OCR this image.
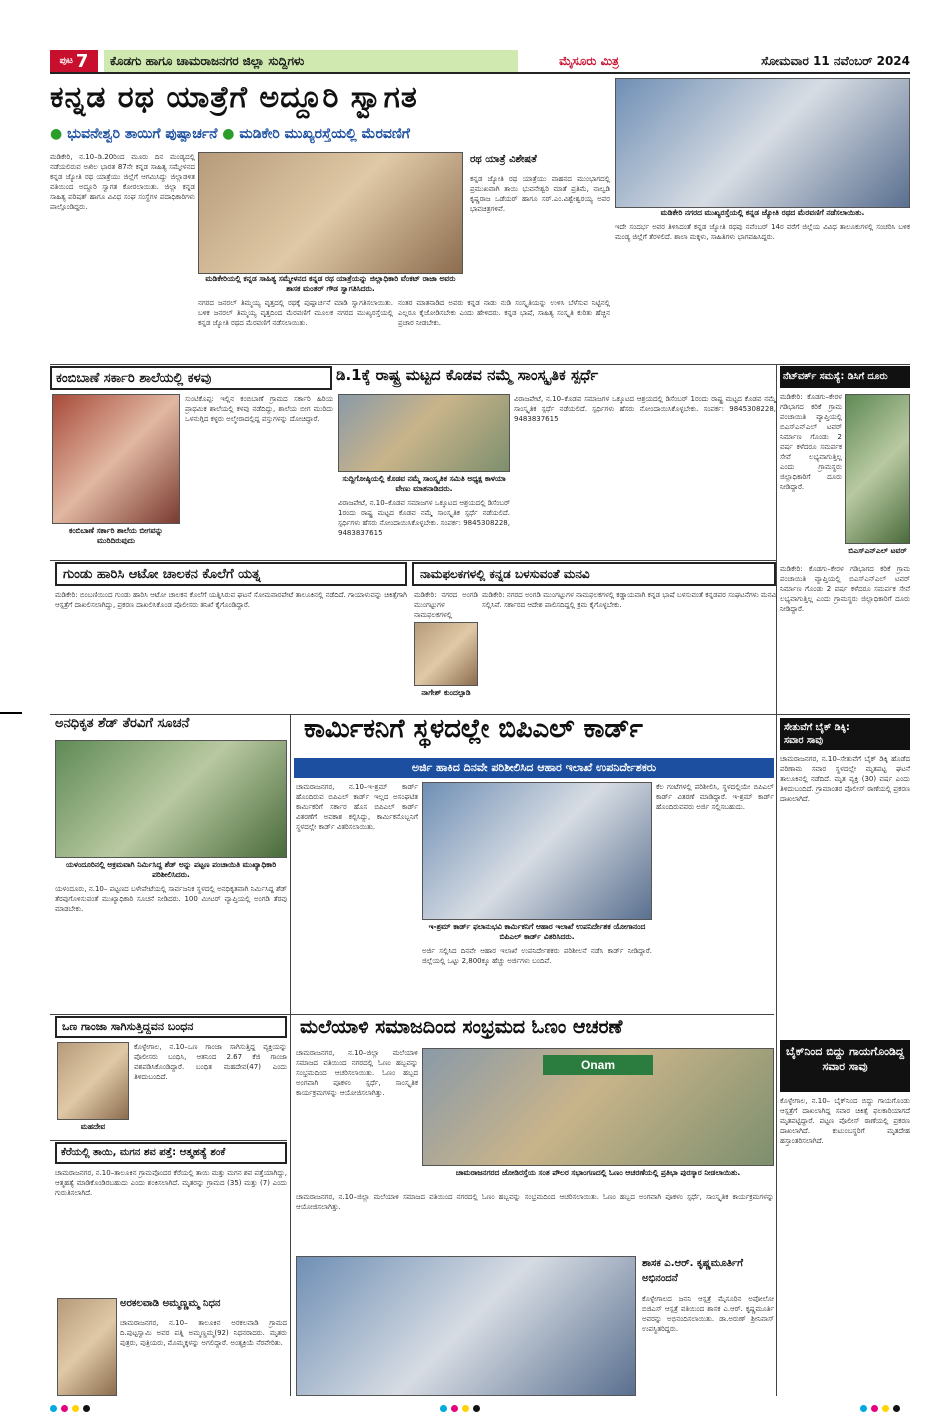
ಪುಟ 7	ಕೊಡಗು ಹಾಗೂ ಚಾಮರಾಜನಗರ ಜಿಲ್ಲಾ ಸುದ್ದಿಗಳು	ಮೈಸೂರು ಮಿತ್ರ	ಸೋಮವಾರ 11 ನವೆಂಬರ್ 2024
ಕನ್ನಡ ರಥ ಯಾತ್ರೆಗೆ ಅದ್ದೂರಿ ಸ್ವಾಗತ
● ಭುವನೇಶ್ವರಿ ತಾಯಿಗೆ ಪುಷ್ಪಾರ್ಚನೆ ● ಮಡಿಕೇರಿ ಮುಖ್ಯರಸ್ತೆಯಲ್ಲಿ ಮೆರವಣಿಗೆ
ಮಡಿಕೇರಿ ನಗರದ ಮುಖ್ಯರಸ್ತೆಯಲ್ಲಿ ಕನ್ನಡ ಜ್ಯೋತಿ ರಥದ ಮೆರವಣಿಗೆ ನಡೆಸಲಾಯಿತು.
ಮಡಿಕೇರಿ, ನ.10–ಡಿ.20ರಿಂದ ಮೂರು ದಿನ ಮಂಡ್ಯದಲ್ಲಿ ನಡೆಯಲಿರುವ ಅಖಿಲ ಭಾರತ 87ನೇ ಕನ್ನಡ ಸಾಹಿತ್ಯ ಸಮ್ಮೇಳನದ ಕನ್ನಡ ಜ್ಯೋತಿ ರಥ ಯಾತ್ರೆಯು ಜಿಲ್ಲೆಗೆ ಆಗಮಿಸಿದ್ದು ಜಿಲ್ಲಾಡಳಿತ ವತಿಯಿಂದ ಅದ್ದೂರಿ ಸ್ವಾಗತ ಕೋರಲಾಯಿತು. ಜಿಲ್ಲಾ ಕನ್ನಡ ಸಾಹಿತ್ಯ ಪರಿಷತ್ ಹಾಗೂ ವಿವಿಧ ಸಂಘ ಸಂಸ್ಥೆಗಳ ಪದಾಧಿಕಾರಿಗಳು ಪಾಲ್ಗೊಂಡಿದ್ದರು.
ಮಡಿಕೇರಿಯಲ್ಲಿ ಕನ್ನಡ ಸಾಹಿತ್ಯ ಸಮ್ಮೇಳನದ ಕನ್ನಡ ರಥ ಯಾತ್ರೆಯನ್ನು ಜಿಲ್ಲಾಧಿಕಾರಿ ವೆಂಕಟ್ ರಾಜಾ ಅವರು ಶಾಸಕ ಮಂತರ್ ಗೌಡ ಸ್ವಾಗತಿಸಿದರು.
ರಥ ಯಾತ್ರೆ ವಿಶೇಷತೆ
ಕನ್ನಡ ಜ್ಯೋತಿ ರಥ ಯಾತ್ರೆಯು ವಾಹನದ ಮುಂಭಾಗದಲ್ಲಿ ಪ್ರಮುಖವಾಗಿ ತಾಯಿ ಭುವನೇಶ್ವರಿ ಮಾತೆ ಪ್ರತಿಮೆ, ನಾಲ್ವಡಿ ಕೃಷ್ಣರಾಜ ಒಡೆಯರ್ ಹಾಗೂ ಸರ್.ಎಂ.ವಿಶ್ವೇಶ್ವರಯ್ಯ ಅವರ ಭಾವಚಿತ್ರಗಳಿವೆ.
ನಗರದ ಜನರಲ್ ತಿಮ್ಮಯ್ಯ ವೃತ್ತದಲ್ಲಿ ರಥಕ್ಕೆ ಪುಷ್ಪಾರ್ಚನೆ ಮಾಡಿ ಸ್ವಾಗತಿಸಲಾಯಿತು. ಬಳಿಕ ಜನರಲ್ ತಿಮ್ಮಯ್ಯ ವೃತ್ತದಿಂದ ಮೆರವಣಿಗೆ ಮೂಲಕ ನಗರದ ಮುಖ್ಯರಸ್ತೆಯಲ್ಲಿ ಕನ್ನಡ ಜ್ಯೋತಿ ರಥದ ಮೆರವಣಿಗೆ ನಡೆಸಲಾಯಿತು.
ನಂತರ ಮಾತನಾಡಿದ ಅವರು ಕನ್ನಡ ನಾಡು ನುಡಿ ಸಂಸ್ಕೃತಿಯನ್ನು ಉಳಿಸಿ ಬೆಳೆಸುವ ನಿಟ್ಟಿನಲ್ಲಿ ಎಲ್ಲರೂ ಕೈಜೋಡಿಸಬೇಕು ಎಂದು ಹೇಳಿದರು. ಕನ್ನಡ ಭಾಷೆ, ಸಾಹಿತ್ಯ ಸಂಸ್ಕೃತಿ ಕುರಿತು ಹೆಚ್ಚಿನ ಪ್ರಚಾರ ನೀಡಬೇಕು.
ಇದೇ ಸಂದರ್ಭ ಅವರ ತಿಳಿಸಿದಂತೆ ಕನ್ನಡ ಜ್ಯೋತಿ ರಥವು ನವೆಂಬರ್ 14ರ ವರೆಗೆ ಜಿಲ್ಲೆಯ ವಿವಿಧ ತಾಲೂಕುಗಳಲ್ಲಿ ಸಂಚರಿಸಿ ಬಳಿಕ ಮಂಡ್ಯ ಜಿಲ್ಲೆಗೆ ತೆರಳಲಿದೆ. ಶಾಲಾ ಮಕ್ಕಳು, ಸಾಹಿತಿಗಳು ಭಾಗವಹಿಸಿದ್ದರು.
ಕಂಬಿಬಾಣೆ ಸರ್ಕಾರಿ ಶಾಲೆಯಲ್ಲಿ ಕಳವು
ಕಂಬಿಬಾಣೆ ಸರ್ಕಾರಿ ಶಾಲೆಯ ಬೀಗವನ್ನು ಮುರಿದಿರುವುದು
ಸುಂಟಿಕೊಪ್ಪ: ಇಲ್ಲಿನ ಕಂಬಿಬಾಣೆ ಗ್ರಾಮದ ಸರ್ಕಾರಿ ಹಿರಿಯ ಪ್ರಾಥಮಿಕ ಶಾಲೆಯಲ್ಲಿ ಕಳವು ನಡೆದಿದ್ದು, ಶಾಲೆಯ ಬೀಗ ಮುರಿದು ಒಳನುಗ್ಗಿದ ಕಳ್ಳರು ಅಲ್ಮೇರಾದಲ್ಲಿದ್ದ ವಸ್ತುಗಳನ್ನು ದೋಚಿದ್ದಾರೆ.
ಡಿ.1ಕ್ಕೆ ರಾಷ್ಟ್ರ ಮಟ್ಟದ ಕೊಡವ ನಮ್ಮೆ ಸಾಂಸ್ಕೃತಿಕ ಸ್ಪರ್ಧೆ
ಸುದ್ದಿಗೋಷ್ಠಿಯಲ್ಲಿ ಕೊಡವ ನಮ್ಮೆ ಸಾಂಸ್ಕೃತಿಕ ಸಮಿತಿ ಅಧ್ಯಕ್ಷ ಕಾಳಯಾ ವೇಣು ಮಾತನಾಡಿದರು.
ವಿರಾಜಪೇಟೆ, ನ.10–ಕೊಡವ ಸಮಾಜಗಳ ಒಕ್ಕೂಟದ ಆಶ್ರಯದಲ್ಲಿ ಡಿಸೆಂಬರ್ 1ರಂದು ರಾಷ್ಟ್ರ ಮಟ್ಟದ ಕೊಡವ ನಮ್ಮೆ ಸಾಂಸ್ಕೃತಿಕ ಸ್ಪರ್ಧೆ ನಡೆಯಲಿದೆ. ಸ್ಪರ್ಧಿಗಳು ಹೆಸರು ನೋಂದಾಯಿಸಿಕೊಳ್ಳಬೇಕು. ಸಂಪರ್ಕ: 9845308228, 9483837615
ವಿರಾಜಪೇಟೆ, ನ.10–ಕೊಡವ ಸಮಾಜಗಳ ಒಕ್ಕೂಟದ ಆಶ್ರಯದಲ್ಲಿ ಡಿಸೆಂಬರ್ 1ರಂದು ರಾಷ್ಟ್ರ ಮಟ್ಟದ ಕೊಡವ ನಮ್ಮೆ ಸಾಂಸ್ಕೃತಿಕ ಸ್ಪರ್ಧೆ ನಡೆಯಲಿದೆ. ಸ್ಪರ್ಧಿಗಳು ಹೆಸರು ನೋಂದಾಯಿಸಿಕೊಳ್ಳಬೇಕು. ಸಂಪರ್ಕ: 9845308228, 9483837615
ನೆಟ್‌ವರ್ಕ್ ಸಮಸ್ಯೆ: ಡಿಸಿಗೆ ದೂರು
ಮಡಿಕೇರಿ: ಕೊಡಗು–ಕೇರಳ ಗಡಿಭಾಗದ ಕರಿಕೆ ಗ್ರಾಮ ಪಂಚಾಯಿತಿ ವ್ಯಾಪ್ತಿಯಲ್ಲಿ ಬಿಎಸ್‌ಎನ್‌ಎಲ್ ಟವರ್ ನಿರ್ಮಾಣ ಗೊಂಡು 2 ವರ್ಷ ಕಳೆದರೂ ಸಮರ್ಪಕ ಸೇವೆ ಲಭ್ಯವಾಗುತ್ತಿಲ್ಲ ಎಂದು ಗ್ರಾಮಸ್ಥರು ಜಿಲ್ಲಾಧಿಕಾರಿಗೆ ದೂರು ನೀಡಿದ್ದಾರೆ.
ಬಿಎಸ್‌ಎನ್‌ಎಲ್ ಟವರ್
ಮಡಿಕೇರಿ: ಕೊಡಗು–ಕೇರಳ ಗಡಿಭಾಗದ ಕರಿಕೆ ಗ್ರಾಮ ಪಂಚಾಯಿತಿ ವ್ಯಾಪ್ತಿಯಲ್ಲಿ ಬಿಎಸ್‌ಎನ್‌ಎಲ್ ಟವರ್ ನಿರ್ಮಾಣ ಗೊಂಡು 2 ವರ್ಷ ಕಳೆದರೂ ಸಮರ್ಪಕ ಸೇವೆ ಲಭ್ಯವಾಗುತ್ತಿಲ್ಲ ಎಂದು ಗ್ರಾಮಸ್ಥರು ಜಿಲ್ಲಾಧಿಕಾರಿಗೆ ದೂರು ನೀಡಿದ್ದಾರೆ.
ಗುಂಡು ಹಾರಿಸಿ ಆಟೋ ಚಾಲಕನ ಕೊಲೆಗೆ ಯತ್ನ
ಮಡಿಕೇರಿ: ಬಿಂಬಣಿಯಿಂದ ಗುಂಡು ಹಾರಿಸಿ ಆಟೋ ಚಾಲಕನ ಕೊಲೆಗೆ ಯತ್ನಿಸಿರುವ ಘಟನೆ ಸೋಮವಾರಪೇಟೆ ತಾಲೂಕಿನಲ್ಲಿ ನಡೆದಿದೆ. ಗಾಯಾಳುವನ್ನು ಚಿಕಿತ್ಸೆಗಾಗಿ ಆಸ್ಪತ್ರೆಗೆ ದಾಖಲಿಸಲಾಗಿದ್ದು, ಪ್ರಕರಣ ದಾಖಲಿಸಿಕೊಂಡ ಪೊಲೀಸರು ತನಿಖೆ ಕೈಗೊಂಡಿದ್ದಾರೆ.
ನಾಮಫಲಕಗಳಲ್ಲಿ ಕನ್ನಡ ಬಳಸುವಂತೆ ಮನವಿ
ಮಡಿಕೇರಿ: ನಗರದ ಅಂಗಡಿ ಮುಂಗಟ್ಟುಗಳ ನಾಮಫಲಕಗಳಲ್ಲಿ
ನಾಗೇಶ್ ಕುಂದಲ್ಪಾಡಿ
ಮಡಿಕೇರಿ: ನಗರದ ಅಂಗಡಿ ಮುಂಗಟ್ಟುಗಳ ನಾಮಫಲಕಗಳಲ್ಲಿ ಕಡ್ಡಾಯವಾಗಿ ಕನ್ನಡ ಭಾಷೆ ಬಳಸುವಂತೆ ಕನ್ನಡಪರ ಸಂಘಟನೆಗಳು ಮನವಿ ಸಲ್ಲಿಸಿವೆ. ಸರ್ಕಾರದ ಆದೇಶ ಪಾಲಿಸದಿದ್ದಲ್ಲಿ ಕ್ರಮ ಕೈಗೊಳ್ಳಬೇಕು.
ಅನಧಿಕೃತ ಶೆಡ್ ತೆರವಿಗೆ ಸೂಚನೆ
ಯಳಂದೂರಿನಲ್ಲಿ ಅಕ್ರಮವಾಗಿ ನಿರ್ಮಿಸಿದ್ದ ಶೆಡ್ ಅನ್ನು ಪಟ್ಟಣ ಪಂಚಾಯಿತಿ ಮುಖ್ಯಾಧಿಕಾರಿ ಪರಿಶೀಲಿಸಿದರು.
ಯಳಂದೂರು, ನ.10– ಪಟ್ಟಣದ ಬಳೇಪೇಟೆಯಲ್ಲಿ ಸಾರ್ವಜನಿಕ ಸ್ಥಳದಲ್ಲಿ ಅನಧಿಕೃತವಾಗಿ ನಿರ್ಮಿಸಿದ್ದ ಶೆಡ್ ತೆರವುಗೊಳಿಸುವಂತೆ ಮುಖ್ಯಾಧಿಕಾರಿ ಸೂಚನೆ ನೀಡಿದರು. 100 ಮೀಟರ್ ವ್ಯಾಪ್ತಿಯಲ್ಲಿ ಅಂಗಡಿ ತೆರವು ಮಾಡಬೇಕು.
ಕಾರ್ಮಿಕನಿಗೆ ಸ್ಥಳದಲ್ಲೇ ಬಿಪಿಎಲ್ ಕಾರ್ಡ್
ಅರ್ಜಿ ಹಾಕಿದ ದಿನವೇ ಪರಿಶೀಲಿಸಿದ ಆಹಾರ ಇಲಾಖೆ ಉಪನಿರ್ದೇಶಕರು
ಚಾಮರಾಜನಗರ, ನ.10–ಇ-ಶ್ರಮ್ ಕಾರ್ಡ್ ಹೊಂದಿರುವ ಬಿಪಿಎಲ್ ಕಾರ್ಡ್ ಇಲ್ಲದ ಅಸಂಘಟಿತ ಕಾರ್ಮಿಕರಿಗೆ ಸರ್ಕಾರ ಹೊಸ ಬಿಪಿಎಲ್ ಕಾರ್ಡ್ ವಿತರಣೆಗೆ ಅವಕಾಶ ಕಲ್ಪಿಸಿದ್ದು, ಕಾರ್ಮಿಕನೊಬ್ಬನಿಗೆ ಸ್ಥಳದಲ್ಲೇ ಕಾರ್ಡ್ ವಿತರಿಸಲಾಯಿತು.
ಇ-ಶ್ರಮ್ ಕಾರ್ಡ್ ಫಲಾನುಭವಿ ಕಾರ್ಮಿಕನಿಗೆ ಆಹಾರ ಇಲಾಖೆ ಉಪನಿರ್ದೇಶಕ ಯೋಗಾನಂದ ಬಿಪಿಎಲ್ ಕಾರ್ಡ್ ವಿತರಿಸಿದರು.
ಅರ್ಜಿ ಸಲ್ಲಿಸಿದ ದಿನವೇ ಆಹಾರ ಇಲಾಖೆ ಉಪನಿರ್ದೇಶಕರು ಪರಿಶೀಲನೆ ನಡೆಸಿ ಕಾರ್ಡ್ ನೀಡಿದ್ದಾರೆ. ಜಿಲ್ಲೆಯಲ್ಲಿ ಒಟ್ಟು 2,800ಕ್ಕೂ ಹೆಚ್ಚು ಅರ್ಜಿಗಳು ಬಂದಿವೆ.
ಕೆಲ ಗಂಟೆಗಳಲ್ಲಿ ಪರಿಶೀಲಿಸಿ, ಸ್ಥಳದಲ್ಲಿಯೇ ಬಿಪಿಎಲ್ ಕಾರ್ಡ್ ವಿತರಣೆ ಮಾಡಿದ್ದಾರೆ. ಇ-ಶ್ರಮ್ ಕಾರ್ಡ್ ಹೊಂದಿರುವವರು ಅರ್ಜಿ ಸಲ್ಲಿಸಬಹುದು.
ಸೇತುವೆಗೆ ಬೈಕ್ ಡಿಕ್ಕಿ:
ಸವಾರ ಸಾವು
ಚಾಮರಾಜನಗರ, ನ.10–ಸೇತುವೆಗೆ ಬೈಕ್ ಡಿಕ್ಕಿ ಹೊಡೆದ ಪರಿಣಾಮ ಸವಾರ ಸ್ಥಳದಲ್ಲೇ ಮೃತಪಟ್ಟ ಘಟನೆ ತಾಲೂಕಿನಲ್ಲಿ ನಡೆದಿದೆ. ಮೃತ ವ್ಯಕ್ತಿ (30) ವರ್ಷ ಎಂದು ತಿಳಿದುಬಂದಿದೆ. ಗ್ರಾಮಾಂತರ ಪೊಲೀಸ್ ಠಾಣೆಯಲ್ಲಿ ಪ್ರಕರಣ ದಾಖಲಾಗಿದೆ.
ಒಣ ಗಾಂಜಾ ಸಾಗಿಸುತ್ತಿದ್ದವನ ಬಂಧನ
ಮಹದೇವ
ಕೊಳ್ಳೇಗಾಲ, ನ.10–ಒಣ ಗಾಂಜಾ ಸಾಗಿಸುತ್ತಿದ್ದ ವ್ಯಕ್ತಿಯನ್ನು ಪೊಲೀಸರು ಬಂಧಿಸಿ, ಆತನಿಂದ 2.67 ಕೆಜಿ ಗಾಂಜಾ ವಶಪಡಿಸಿಕೊಂಡಿದ್ದಾರೆ. ಬಂಧಿತ ಮಹದೇವ(47) ಎಂದು ತಿಳಿದುಬಂದಿದೆ.
ಮಲೆಯಾಳಿ ಸಮಾಜದಿಂದ ಸಂಭ್ರಮದ ಓಣಂ ಆಚರಣೆ
ಚಾಮರಾಜನಗರ, ನ.10–ಜಿಲ್ಲಾ ಮಲೆಯಾಳಿ ಸಮಾಜದ ವತಿಯಿಂದ ನಗರದಲ್ಲಿ ಓಣಂ ಹಬ್ಬವನ್ನು ಸಂಭ್ರಮದಿಂದ ಆಚರಿಸಲಾಯಿತು. ಓಣಂ ಹಬ್ಬದ ಅಂಗವಾಗಿ ಪೂಕಳಂ ಸ್ಪರ್ಧೆ, ಸಾಂಸ್ಕೃತಿಕ ಕಾರ್ಯಕ್ರಮಗಳನ್ನು ಆಯೋಜಿಸಲಾಗಿತ್ತು.
Onam
ಚಾಮರಾಜನಗರದ ಜೋಡಿರಸ್ತೆಯ ಸಂತ ಪೌಲರ ಸಭಾಂಗಣದಲ್ಲಿ ಓಣಂ ಆಚರಣೆಯಲ್ಲಿ ಪ್ರತಿಭಾ ಪುರಸ್ಕಾರ ನೀಡಲಾಯಿತು.
ಬೈಕ್‌ನಿಂದ ಬಿದ್ದು ಗಾಯಗೊಂಡಿದ್ದ ಸವಾರ ಸಾವು
ಕೊಳ್ಳೇಗಾಲ, ನ.10– ಬೈಕ್‌ನಿಂದ ಬಿದ್ದು ಗಾಯಗೊಂಡು ಆಸ್ಪತ್ರೆಗೆ ದಾಖಲಾಗಿದ್ದ ಸವಾರ ಚಿಕಿತ್ಸೆ ಫಲಕಾರಿಯಾಗದೆ ಮೃತಪಟ್ಟಿದ್ದಾರೆ. ಪಟ್ಟಣ ಪೊಲೀಸ್ ಠಾಣೆಯಲ್ಲಿ ಪ್ರಕರಣ ದಾಖಲಾಗಿದೆ. ಕುಟುಂಬಸ್ಥರಿಗೆ ಮೃತದೇಹ ಹಸ್ತಾಂತರಿಸಲಾಗಿದೆ.
ಕೆರೆಯಲ್ಲಿ ತಾಯಿ, ಮಗನ ಶವ ಪತ್ತೆ: ಆತ್ಮಹತ್ಯೆ ಶಂಕೆ
ಚಾಮರಾಜನಗರ, ನ.10–ತಾಲೂಕಿನ ಗ್ರಾಮವೊಂದರ ಕೆರೆಯಲ್ಲಿ ತಾಯಿ ಮತ್ತು ಮಗನ ಶವ ಪತ್ತೆಯಾಗಿದ್ದು, ಆತ್ಮಹತ್ಯೆ ಮಾಡಿಕೊಂಡಿರಬಹುದು ಎಂದು ಶಂಕಿಸಲಾಗಿದೆ. ಮೃತರನ್ನು ಗ್ರಾಮದ (35) ಮತ್ತು (7) ಎಂದು ಗುರುತಿಸಲಾಗಿದೆ.	ಚಾಮರಾಜನಗರ, ನ.10–ಜಿಲ್ಲಾ ಮಲೆಯಾಳಿ ಸಮಾಜದ ವತಿಯಿಂದ ನಗರದಲ್ಲಿ ಓಣಂ ಹಬ್ಬವನ್ನು ಸಂಭ್ರಮದಿಂದ ಆಚರಿಸಲಾಯಿತು. ಓಣಂ ಹಬ್ಬದ ಅಂಗವಾಗಿ ಪೂಕಳಂ ಸ್ಪರ್ಧೆ, ಸಾಂಸ್ಕೃತಿಕ ಕಾರ್ಯಕ್ರಮಗಳನ್ನು ಆಯೋಜಿಸಲಾಗಿತ್ತು.
ಅರಕಲವಾಡಿ ಅಮ್ಮಣ್ಣಮ್ಮ ನಿಧನ
ಚಾಮರಾಜನಗರ, ನ.10– ತಾಲೂಕಿನ ಅರಕಲವಾಡಿ ಗ್ರಾಮದ ದಿ.ಪುಟ್ಟಸ್ವಾಮಿ ಅವರ ಪತ್ನಿ ಅಮ್ಮಣ್ಣಮ್ಮ(92) ನಿಧನರಾದರು. ಮೃತರು ಪುತ್ರರು, ಪುತ್ರಿಯರು, ಮೊಮ್ಮಕ್ಕಳನ್ನು ಅಗಲಿದ್ದಾರೆ. ಅಂತ್ಯಕ್ರಿಯೆ ನೆರವೇರಿತು.
ಶಾಸಕ ಎ.ಆರ್. ಕೃಷ್ಣಮೂರ್ತಿಗೆ
ಅಭಿನಂದನೆ
ಕೊಳ್ಳೇಗಾಲದ ಜನನಿ ಆಸ್ಪತ್ರೆ ಮೈಸೂರಿನ ಅಪೋಲೋ ಬಿಜಿಎಸ್ ಆಸ್ಪತ್ರೆ ವತಿಯಿಂದ ಶಾಸಕ ಎ.ಆರ್. ಕೃಷ್ಣಮೂರ್ತಿ ಅವರನ್ನು ಅಭಿನಂದಿಸಲಾಯಿತು. ಡಾ.ಅರುಣ್ ಶ್ರೀನಿವಾಸ್ ಉಪಸ್ಥಿತರಿದ್ದರು.
